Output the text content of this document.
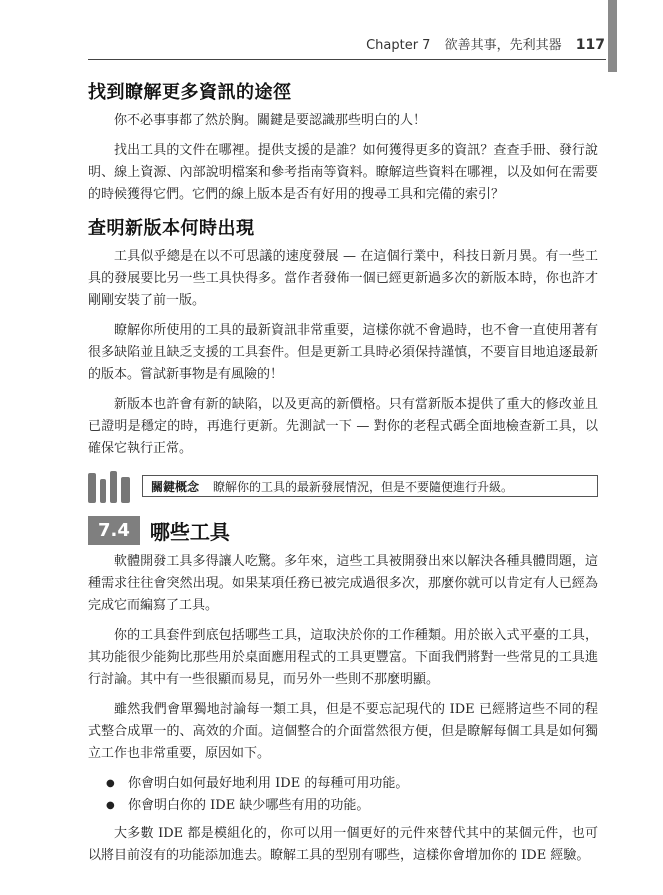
Chapter 7 欲善其事，先利其器 117
找到瞭解更多資訊的途徑

你不必事事都了然於胸。關鍵是要認識那些明白的人！

找出工具的文件在哪裡。提供支援的是誰？如何獲得更多的資訊？查查手冊、發行說明、線上資源、內部說明檔案和參考指南等資料。瞭解這些資料在哪裡，以及如何在需要的時候獲得它們。它們的線上版本是否有好用的搜尋工具和完備的索引？

查明新版本何時出現

工具似乎總是在以不可思議的速度發展 — 在這個行業中，科技日新月異。有一些工具的發展要比另一些工具快得多。當作者發佈一個已經更新過多次的新版本時，你也許才剛剛安裝了前一版。

瞭解你所使用的工具的最新資訊非常重要，這樣你就不會過時，也不會一直使用著有很多缺陷並且缺乏支援的工具套件。但是更新工具時必須保持謹慎，不要盲目地追逐最新的版本。嘗試新事物是有風險的！

新版本也許會有新的缺陷，以及更高的新價格。只有當新版本提供了重大的修改並且已證明是穩定的時，再進行更新。先測試一下 — 對你的老程式碼全面地檢查新工具，以確保它執行正常。

關鍵概念 瞭解你的工具的最新發展情況，但是不要隨便進行升級。
7.4	哪些工具

軟體開發工具多得讓人吃驚。多年來，這些工具被開發出來以解決各種具體問題，這種需求往往會突然出現。如果某項任務已被完成過很多次，那麼你就可以肯定有人已經為完成它而編寫了工具。

你的工具套件到底包括哪些工具，這取決於你的工作種類。用於嵌入式平臺的工具，其功能很少能夠比那些用於桌面應用程式的工具更豐富。下面我們將對一些常見的工具進行討論。其中有一些很顯而易見，而另外一些則不那麼明顯。

雖然我們會單獨地討論每一類工具，但是不要忘記現代的 IDE 已經將這些不同的程式整合成單一的、高效的介面。這個整合的介面當然很方便，但是瞭解每個工具是如何獨立工作也非常重要，原因如下。

● 你會明白如何最好地利用 IDE 的每種可用功能。
● 你會明白你的 IDE 缺少哪些有用的功能。

大多數 IDE 都是模組化的，你可以用一個更好的元件來替代其中的某個元件，也可以將目前沒有的功能添加進去。瞭解工具的型別有哪些，這樣你會增加你的 IDE 經驗。
